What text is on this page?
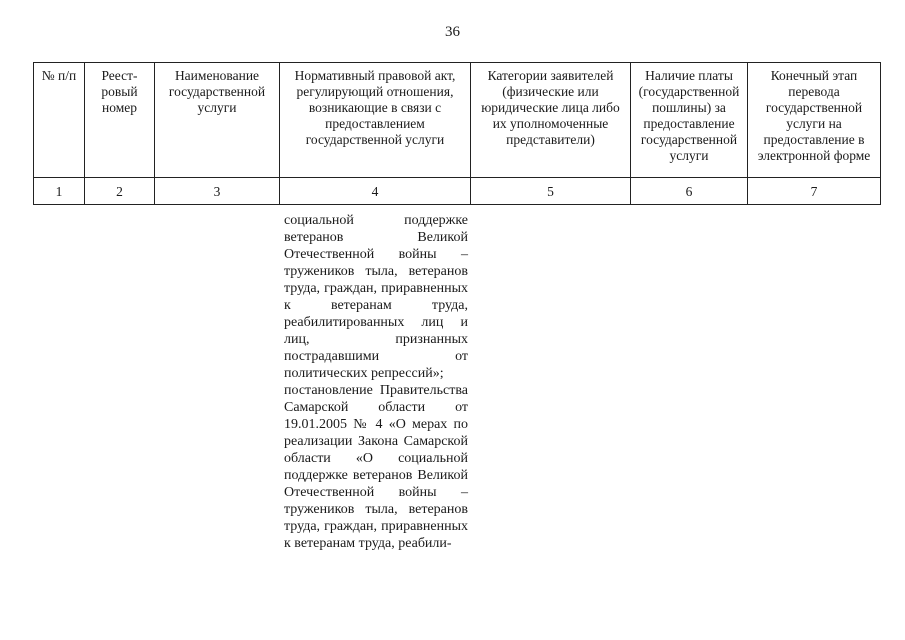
36
№ п/п	Реест-ровый номер	Наименование государственной услуги	Нормативный правовой акт, регулирующий отношения, возникающие в связи с предоставлением государственной услуги	Категории заявителей (физические или юридические лица либо их уполномоченные представители)	Наличие платы (государственной пошлины) за предоставление государственной услуги	Конечный этап перевода государственной услуги на предоставление в электронной форме
1	2	3	4	5	6	7

социальной поддержке ветеранов Великой Отечественной войны – тружеников тыла, ветеранов труда, граждан, приравненных к ветеранам труда, реабилитированных лиц и лиц, признанных пострадавшими от политических репрессий»;

постановление Правительства Самарской области от 19.01.2005 № 4 «О мерах по реализации Закона Самарской области «О социальной поддержке ветеранов Великой Отечественной войны – тружеников тыла, ветеранов труда, граждан, приравненных к ветеранам труда, реабили-
